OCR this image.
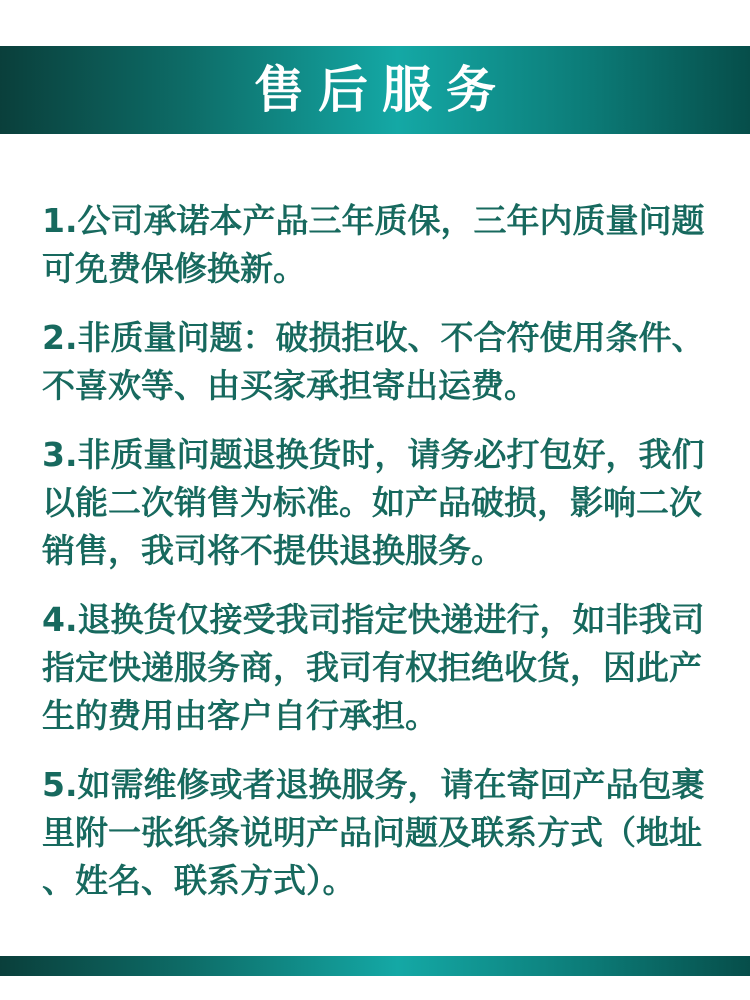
售后服务

1.公司承诺本产品三年质保，三年内质量问题可免费保修换新。

2.非质量问题：破损拒收、不合符使用条件、不喜欢等、由买家承担寄出运费。

3.非质量问题退换货时，请务必打包好，我们以能二次销售为标准。如产品破损，影响二次销售，我司将不提供退换服务。

4.退换货仅接受我司指定快递进行，如非我司指定快递服务商，我司有权拒绝收货，因此产生的费用由客户自行承担。

5.如需维修或者退换服务，请在寄回产品包裹里附一张纸条说明产品问题及联系方式（地址、姓名、联系方式）。
